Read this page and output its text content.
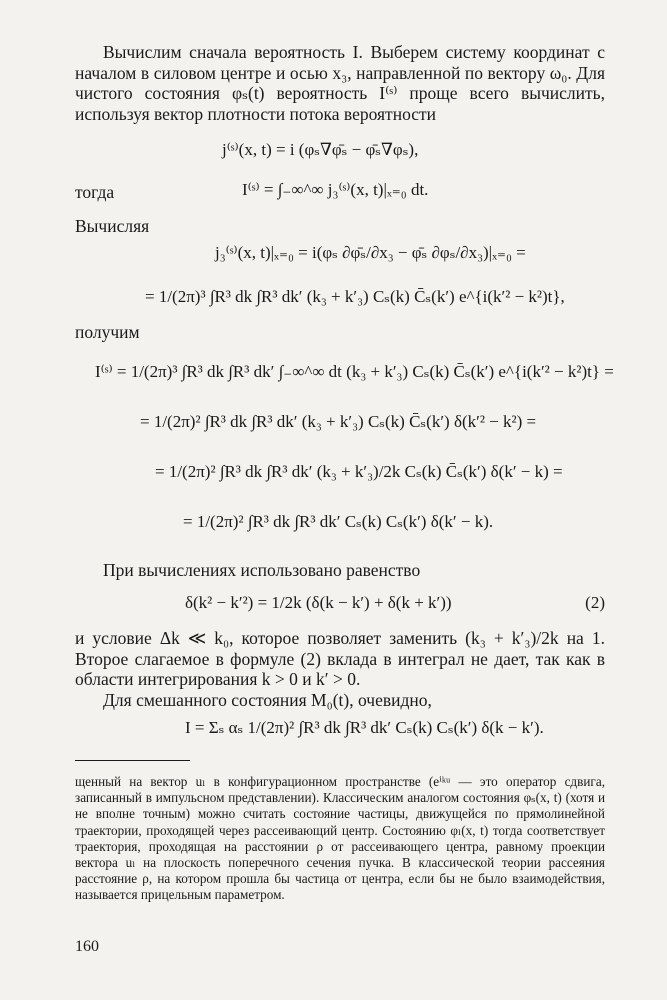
Вычислим сначала вероятность I. Выберем систему координат с началом в силовом центре и осью x₃, направленной по вектору ω₀. Для чистого состояния φₛ(t) вероятность I⁽ˢ⁾ проще всего вычислить, используя вектор плотности потока вероятности
j⁽ˢ⁾(x, t) = i (φₛ∇φ̄ₛ − φ̄ₛ∇φₛ),
тогда	I⁽ˢ⁾ = ∫₋∞^∞ j₃⁽ˢ⁾(x, t)|ₓ₌₀ dt.
Вычисляя
j₃⁽ˢ⁾(x, t)|ₓ₌₀ = i(φₛ ∂φ̄ₛ/∂x₃ − φ̄ₛ ∂φₛ/∂x₃)|ₓ₌₀ =
= 1/(2π)³ ∫R³ dk ∫R³ dk′ (k₃ + k′₃) Cₛ(k) C̄ₛ(k′) e^{i(k′² − k²)t},
получим
I⁽ˢ⁾ = 1/(2π)³ ∫R³ dk ∫R³ dk′ ∫₋∞^∞ dt (k₃ + k′₃) Cₛ(k) C̄ₛ(k′) e^{i(k′² − k²)t} =
= 1/(2π)² ∫R³ dk ∫R³ dk′ (k₃ + k′₃) Cₛ(k) C̄ₛ(k′) δ(k′² − k²) =
= 1/(2π)² ∫R³ dk ∫R³ dk′ (k₃ + k′₃)/2k Cₛ(k) C̄ₛ(k′) δ(k′ − k) =
= 1/(2π)² ∫R³ dk ∫R³ dk′ Cₛ(k) Cₛ(k′) δ(k′ − k).
При вычислениях использовано равенство
δ(k² − k′²) = 1/2k (δ(k − k′) + δ(k + k′))	(2)
и условие Δk ≪ k₀, которое позволяет заменить (k₃ + k′₃)/2k на 1. Второе слагаемое в формуле (2) вклада в интеграл не дает, так как в области интегрирования k > 0 и k′ > 0.
Для смешанного состояния M₀(t), очевидно,
I = Σₛ αₛ 1/(2π)² ∫R³ dk ∫R³ dk′ Cₛ(k) Cₛ(k′) δ(k − k′).
щенный на вектор uₗ в конфигурационном пространстве (eⁱᵏᵘ — это оператор сдвига, записанный в импульсном представлении). Классическим аналогом состояния φₛ(x, t) (хотя и не вполне точным) можно считать состояние частицы, движущейся по прямолинейной траектории, проходящей через рассеивающий центр. Состоянию φₗ(x, t) тогда соответствует траектория, проходящая на расстоянии ρ от рассеивающего центра, равному проекции вектора uₗ на плоскость поперечного сечения пучка. В классической теории рассеяния расстояние ρ, на котором прошла бы частица от центра, если бы не было взаимодействия, называется прицельным параметром.
160
